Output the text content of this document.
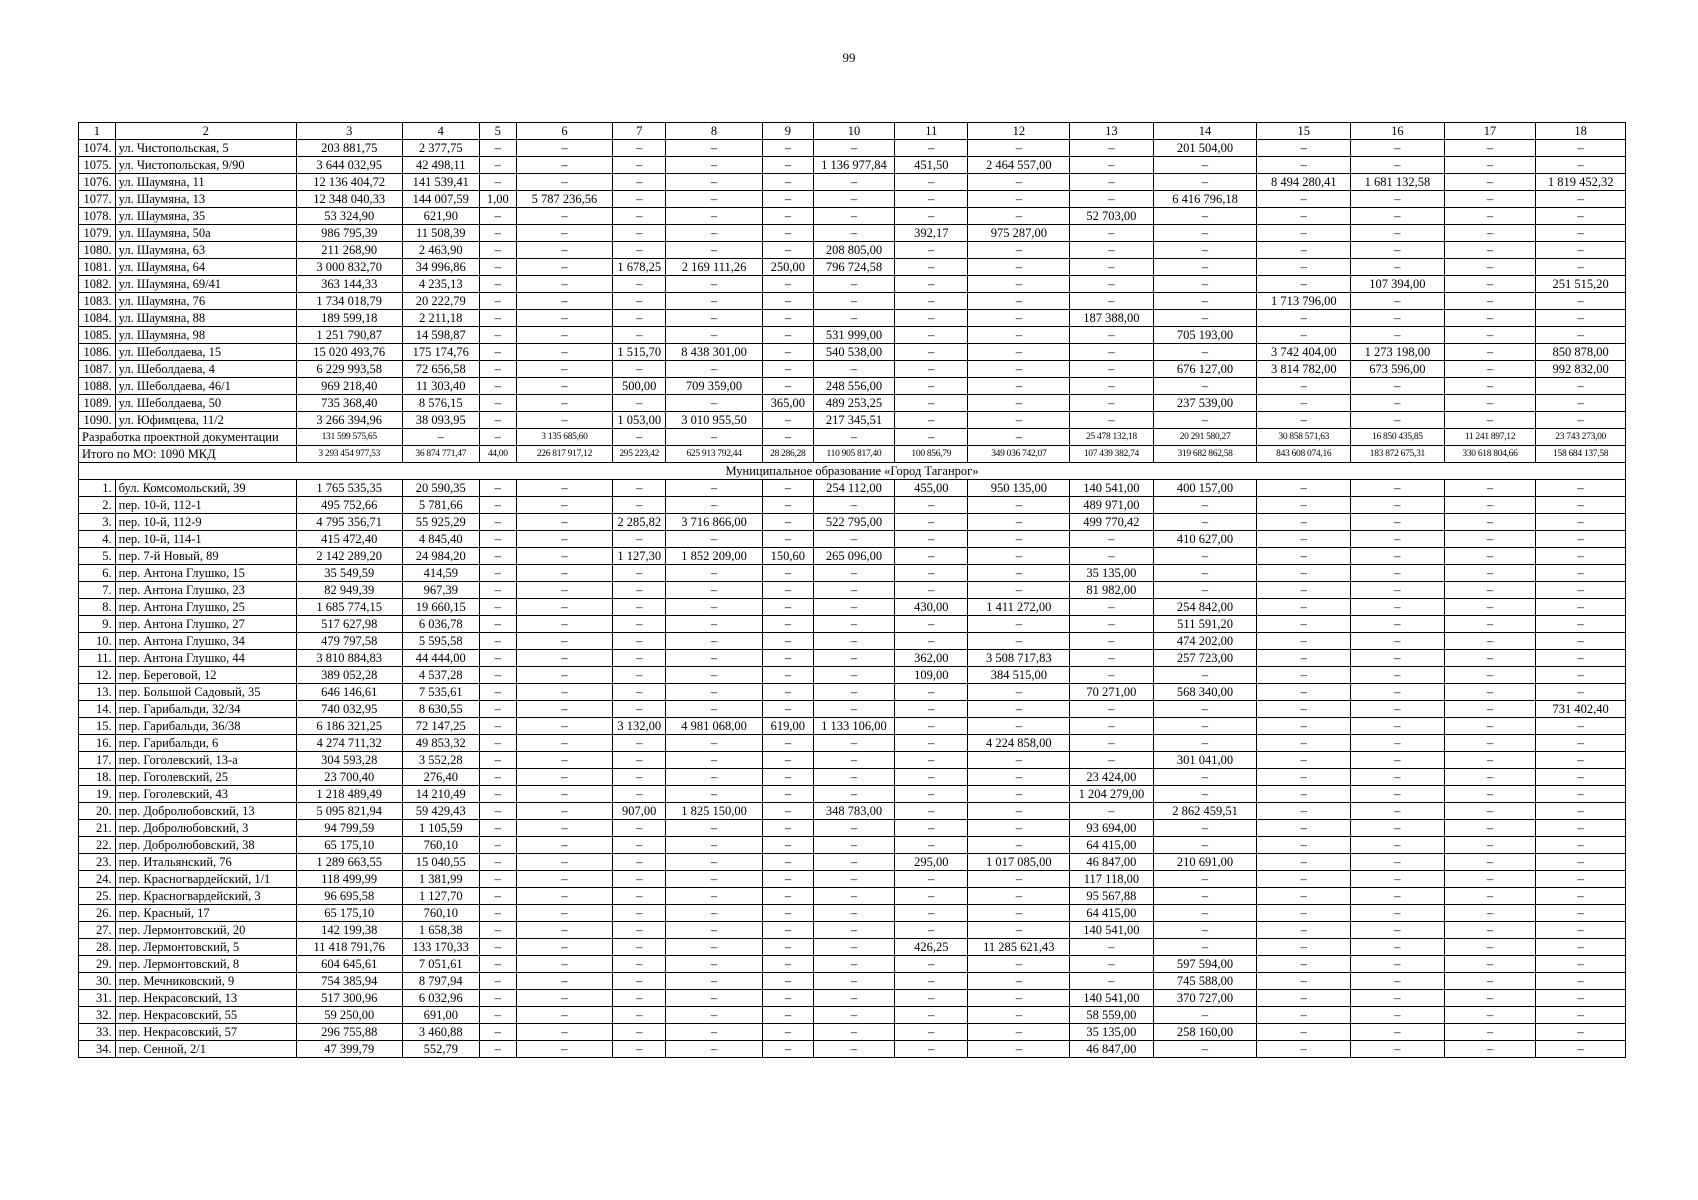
99
1	2	3	4	5	6	7	8	9	10	11	12	13	14	15	16	17	18
1074.	ул. Чистопольская, 5	203 881,75	2 377,75	–	–	–	–	–	–	–	–	–	201 504,00	–	–	–	–
1075.	ул. Чистопольская, 9/90	3 644 032,95	42 498,11	–	–	–	–	–	1 136 977,84	451,50	2 464 557,00	–	–	–	–	–	–
1076.	ул. Шаумяна, 11	12 136 404,72	141 539,41	–	–	–	–	–	–	–	–	–	–	8 494 280,41	1 681 132,58	–	1 819 452,32
1077.	ул. Шаумяна, 13	12 348 040,33	144 007,59	1,00	5 787 236,56	–	–	–	–	–	–	–	6 416 796,18	–	–	–	–
1078.	ул. Шаумяна, 35	53 324,90	621,90	–	–	–	–	–	–	–	–	52 703,00	–	–	–	–	–
1079.	ул. Шаумяна, 50а	986 795,39	11 508,39	–	–	–	–	–	–	392,17	975 287,00	–	–	–	–	–	–
1080.	ул. Шаумяна, 63	211 268,90	2 463,90	–	–	–	–	–	208 805,00	–	–	–	–	–	–	–	–
1081.	ул. Шаумяна, 64	3 000 832,70	34 996,86	–	–	1 678,25	2 169 111,26	250,00	796 724,58	–	–	–	–	–	–	–	–
1082.	ул. Шаумяна, 69/41	363 144,33	4 235,13	–	–	–	–	–	–	–	–	–	–	–	107 394,00	–	251 515,20
1083.	ул. Шаумяна, 76	1 734 018,79	20 222,79	–	–	–	–	–	–	–	–	–	–	1 713 796,00	–	–	–
1084.	ул. Шаумяна, 88	189 599,18	2 211,18	–	–	–	–	–	–	–	–	187 388,00	–	–	–	–	–
1085.	ул. Шаумяна, 98	1 251 790,87	14 598,87	–	–	–	–	–	531 999,00	–	–	–	705 193,00	–	–	–	–
1086.	ул. Шеболдаева, 15	15 020 493,76	175 174,76	–	–	1 515,70	8 438 301,00	–	540 538,00	–	–	–	–	3 742 404,00	1 273 198,00	–	850 878,00
1087.	ул. Шеболдаева, 4	6 229 993,58	72 656,58	–	–	–	–	–	–	–	–	–	676 127,00	3 814 782,00	673 596,00	–	992 832,00
1088.	ул. Шеболдаева, 46/1	969 218,40	11 303,40	–	–	500,00	709 359,00	–	248 556,00	–	–	–	–	–	–	–	–
1089.	ул. Шеболдаева, 50	735 368,40	8 576,15	–	–	–	–	365,00	489 253,25	–	–	–	237 539,00	–	–	–	–
1090.	ул. Юфимцева, 11/2	3 266 394,96	38 093,95	–	–	1 053,00	3 010 955,50	–	217 345,51	–	–	–	–	–	–	–	–
Разработка проектной документации		131 599 575,65	–	–	3 135 685,60	–	–	–	–	–	–	25 478 132,18	20 291 580,27	30 858 571,63	16 850 435,85	11 241 897,12	23 743 273,00
Итого по МО: 1090 МКД		3 293 454 977,53	36 874 771,47	44,00	226 817 917,12	295 223,42	625 913 792,44	28 286,28	110 905 817,40	100 856,79	349 036 742,07	107 439 382,74	319 682 862,58	843 608 074,16	183 872 675,31	330 618 804,66	158 684 137,58
Муниципальное образование «Город Таганрог»																	
1.	бул. Комсомольский, 39	1 765 535,35	20 590,35	–	–	–	–	–	254 112,00	455,00	950 135,00	140 541,00	400 157,00	–	–	–	–
2.	пер. 10-й, 112-1	495 752,66	5 781,66	–	–	–	–	–	–	–	–	489 971,00	–	–	–	–	–
3.	пер. 10-й, 112-9	4 795 356,71	55 925,29	–	–	2 285,82	3 716 866,00	–	522 795,00	–	–	499 770,42	–	–	–	–	–
4.	пер. 10-й, 114-1	415 472,40	4 845,40	–	–	–	–	–	–	–	–	–	410 627,00	–	–	–	–
5.	пер. 7-й Новый, 89	2 142 289,20	24 984,20	–	–	1 127,30	1 852 209,00	150,60	265 096,00	–	–	–	–	–	–	–	–
6.	пер. Антона Глушко, 15	35 549,59	414,59	–	–	–	–	–	–	–	–	35 135,00	–	–	–	–	–
7.	пер. Антона Глушко, 23	82 949,39	967,39	–	–	–	–	–	–	–	–	81 982,00	–	–	–	–	–
8.	пер. Антона Глушко, 25	1 685 774,15	19 660,15	–	–	–	–	–	–	430,00	1 411 272,00	–	254 842,00	–	–	–	–
9.	пер. Антона Глушко, 27	517 627,98	6 036,78	–	–	–	–	–	–	–	–	–	511 591,20	–	–	–	–
10.	пер. Антона Глушко, 34	479 797,58	5 595,58	–	–	–	–	–	–	–	–	–	474 202,00	–	–	–	–
11.	пер. Антона Глушко, 44	3 810 884,83	44 444,00	–	–	–	–	–	–	362,00	3 508 717,83	–	257 723,00	–	–	–	–
12.	пер. Береговой, 12	389 052,28	4 537,28	–	–	–	–	–	–	109,00	384 515,00	–	–	–	–	–	–
13.	пер. Большой Садовый, 35	646 146,61	7 535,61	–	–	–	–	–	–	–	–	70 271,00	568 340,00	–	–	–	–
14.	пер. Гарибальди, 32/34	740 032,95	8 630,55	–	–	–	–	–	–	–	–	–	–	–	–	–	731 402,40
15.	пер. Гарибальди, 36/38	6 186 321,25	72 147,25	–	–	3 132,00	4 981 068,00	619,00	1 133 106,00	–	–	–	–	–	–	–	–
16.	пер. Гарибальди, 6	4 274 711,32	49 853,32	–	–	–	–	–	–	–	4 224 858,00	–	–	–	–	–	–
17.	пер. Гоголевский, 13-а	304 593,28	3 552,28	–	–	–	–	–	–	–	–	–	301 041,00	–	–	–	–
18.	пер. Гоголевский, 25	23 700,40	276,40	–	–	–	–	–	–	–	–	23 424,00	–	–	–	–	–
19.	пер. Гоголевский, 43	1 218 489,49	14 210,49	–	–	–	–	–	–	–	–	1 204 279,00	–	–	–	–	–
20.	пер. Добролюбовский, 13	5 095 821,94	59 429,43	–	–	907,00	1 825 150,00	–	348 783,00	–	–	–	2 862 459,51	–	–	–	–
21.	пер. Добролюбовский, 3	94 799,59	1 105,59	–	–	–	–	–	–	–	–	93 694,00	–	–	–	–	–
22.	пер. Добролюбовский, 38	65 175,10	760,10	–	–	–	–	–	–	–	–	64 415,00	–	–	–	–	–
23.	пер. Итальянский, 76	1 289 663,55	15 040,55	–	–	–	–	–	–	295,00	1 017 085,00	46 847,00	210 691,00	–	–	–	–
24.	пер. Красногвардейский, 1/1	118 499,99	1 381,99	–	–	–	–	–	–	–	–	117 118,00	–	–	–	–	–
25.	пер. Красногвардейский, 3	96 695,58	1 127,70	–	–	–	–	–	–	–	–	95 567,88	–	–	–	–	–
26.	пер. Красный, 17	65 175,10	760,10	–	–	–	–	–	–	–	–	64 415,00	–	–	–	–	–
27.	пер. Лермонтовский, 20	142 199,38	1 658,38	–	–	–	–	–	–	–	–	140 541,00	–	–	–	–	–
28.	пер. Лермонтовский, 5	11 418 791,76	133 170,33	–	–	–	–	–	–	426,25	11 285 621,43	–	–	–	–	–	–
29.	пер. Лермонтовский, 8	604 645,61	7 051,61	–	–	–	–	–	–	–	–	–	597 594,00	–	–	–	–
30.	пер. Мечниковский, 9	754 385,94	8 797,94	–	–	–	–	–	–	–	–	–	745 588,00	–	–	–	–
31.	пер. Некрасовский, 13	517 300,96	6 032,96	–	–	–	–	–	–	–	–	140 541,00	370 727,00	–	–	–	–
32.	пер. Некрасовский, 55	59 250,00	691,00	–	–	–	–	–	–	–	–	58 559,00	–	–	–	–	–
33.	пер. Некрасовский, 57	296 755,88	3 460,88	–	–	–	–	–	–	–	–	35 135,00	258 160,00	–	–	–	–
34.	пер. Сенной, 2/1	47 399,79	552,79	–	–	–	–	–	–	–	–	46 847,00	–	–	–	–	–
